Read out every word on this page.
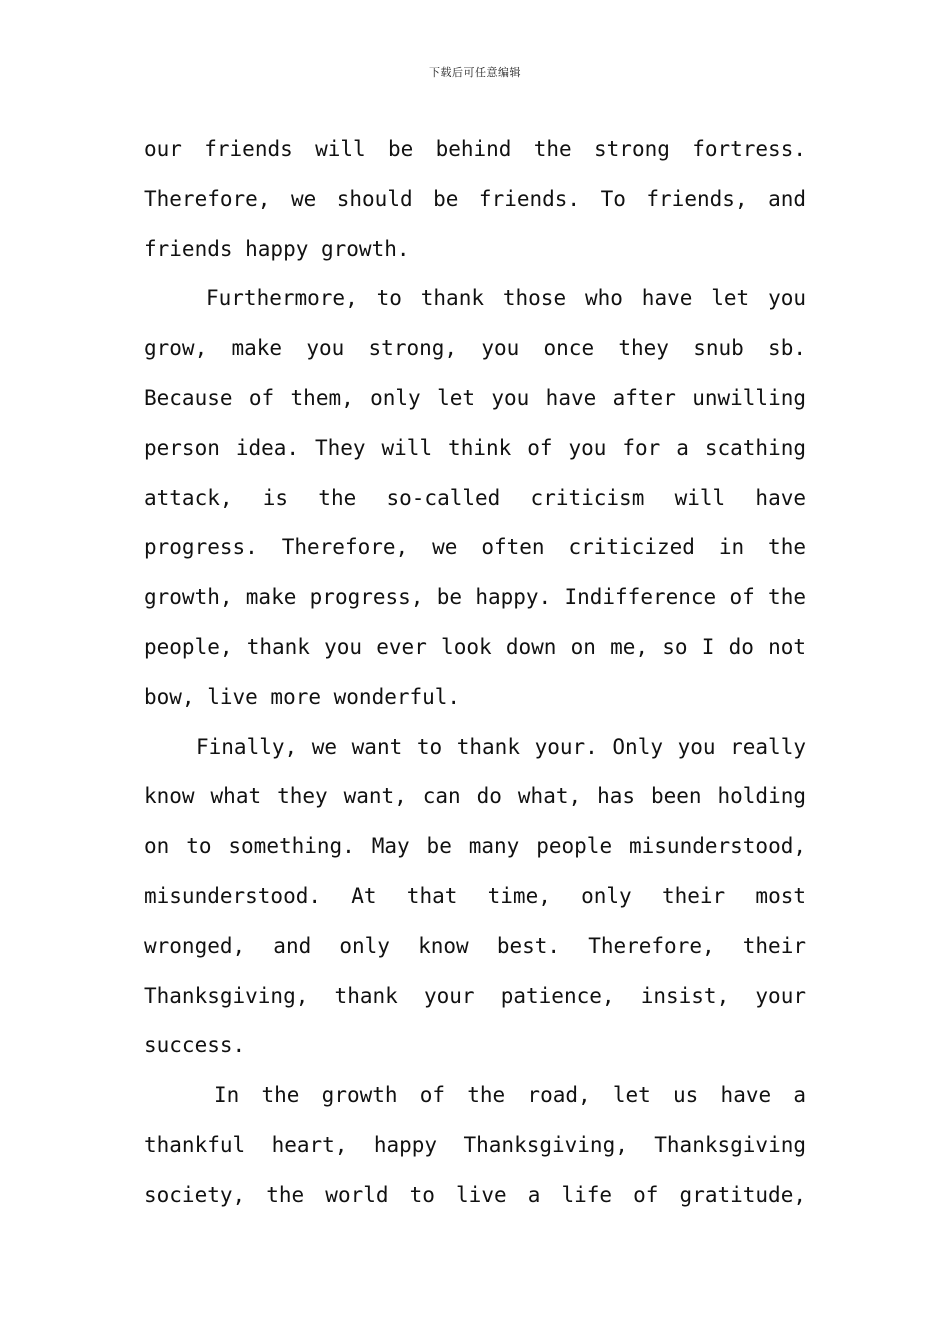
下载后可任意编辑

our friends will be behind the strong fortress. Therefore, we should be friends. To friends, and friends happy growth.

Furthermore, to thank those who have let you grow, make you strong, you once they snub sb. Because of them, only let you have after unwilling person idea. They will think of you for a scathing attack, is the so-called criticism will have progress. Therefore, we often criticized in the growth, make progress, be happy. Indifference of the people, thank you ever look down on me, so I do not bow, live more wonderful.

Finally, we want to thank your. Only you really know what they want, can do what, has been holding on to something. May be many people misunderstood, misunderstood. At that time, only their most wronged, and only know best. Therefore, their Thanksgiving, thank your patience, insist, your success.

In the growth of the road, let us have a thankful heart, happy Thanksgiving, Thanksgiving society, the world to live a life of gratitude,
